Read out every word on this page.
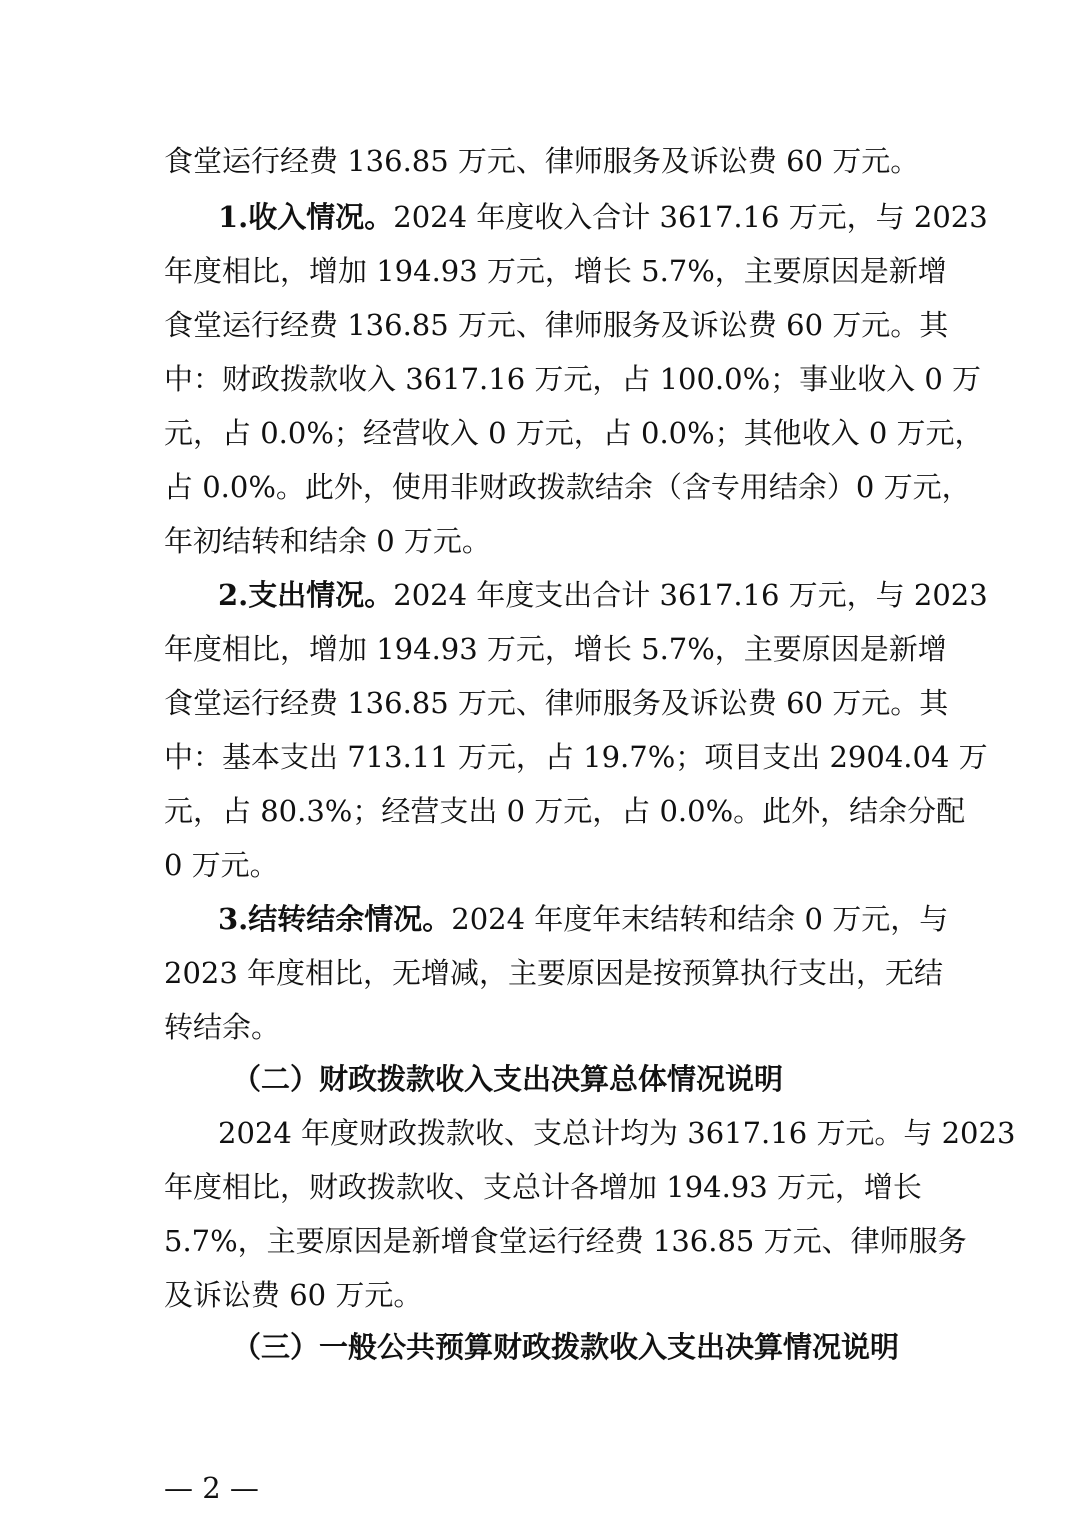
食堂运行经费 136.85 万元、律师服务及诉讼费 60 万元。
1.收入情况。2024 年度收入合计 3617.16 万元，与 2023
年度相比，增加 194.93 万元，增长 5.7%，主要原因是新增
食堂运行经费 136.85 万元、律师服务及诉讼费 60 万元。其
中：财政拨款收入 3617.16 万元，占 100.0%；事业收入 0 万
元，占 0.0%；经营收入 0 万元，占 0.0%；其他收入 0 万元，
占 0.0%。此外，使用非财政拨款结余（含专用结余）0 万元，
年初结转和结余 0 万元。
2.支出情况。2024 年度支出合计 3617.16 万元，与 2023
年度相比，增加 194.93 万元，增长 5.7%，主要原因是新增
食堂运行经费 136.85 万元、律师服务及诉讼费 60 万元。其
中：基本支出 713.11 万元，占 19.7%；项目支出 2904.04 万
元，占 80.3%；经营支出 0 万元，占 0.0%。此外，结余分配
0 万元。
3.结转结余情况。2024 年度年末结转和结余 0 万元，与
2023 年度相比，无增减，主要原因是按预算执行支出，无结
转结余。
（二）财政拨款收入支出决算总体情况说明
2024 年度财政拨款收、支总计均为 3617.16 万元。与 2023
年度相比，财政拨款收、支总计各增加 194.93 万元，增长
5.7%，主要原因是新增食堂运行经费 136.85 万元、律师服务
及诉讼费 60 万元。
（三）一般公共预算财政拨款收入支出决算情况说明
— 2 —
